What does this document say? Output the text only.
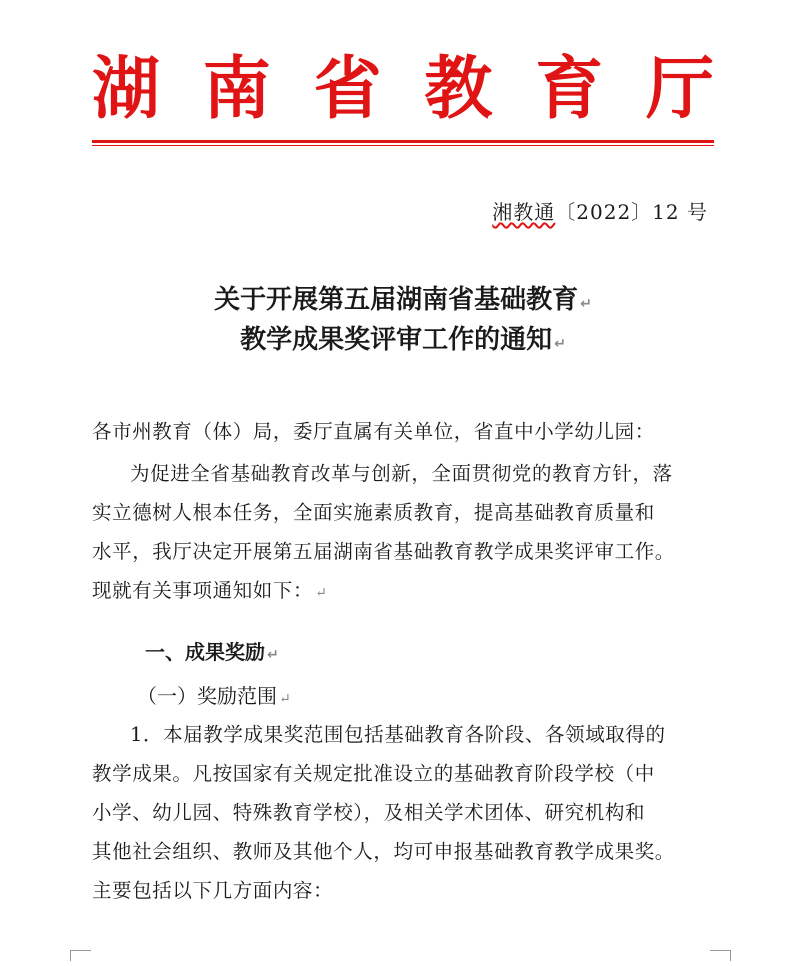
湖 南 省 教 育 厅
湘教通〔2022〕12 号
关于开展第五届湖南省基础教育 ↵
教学成果奖评审工作的通知 ↵
各市州教育（体）局，委厅直属有关单位，省直中小学幼儿园：
为促进全省基础教育改革与创新，全面贯彻党的教育方针，落
实立德树人根本任务，全面实施素质教育，提高基础教育质量和
水平，我厅决定开展第五届湖南省基础教育教学成果奖评审工作。
现就有关事项通知如下： ↵
一、成果奖励 ↵
（一）奖励范围 ↵
1．本届教学成果奖范围包括基础教育各阶段、各领域取得的
教学成果。凡按国家有关规定批准设立的基础教育阶段学校（中
小学、幼儿园、特殊教育学校），及相关学术团体、研究机构和
其他社会组织、教师及其他个人，均可申报基础教育教学成果奖。
主要包括以下几方面内容：
